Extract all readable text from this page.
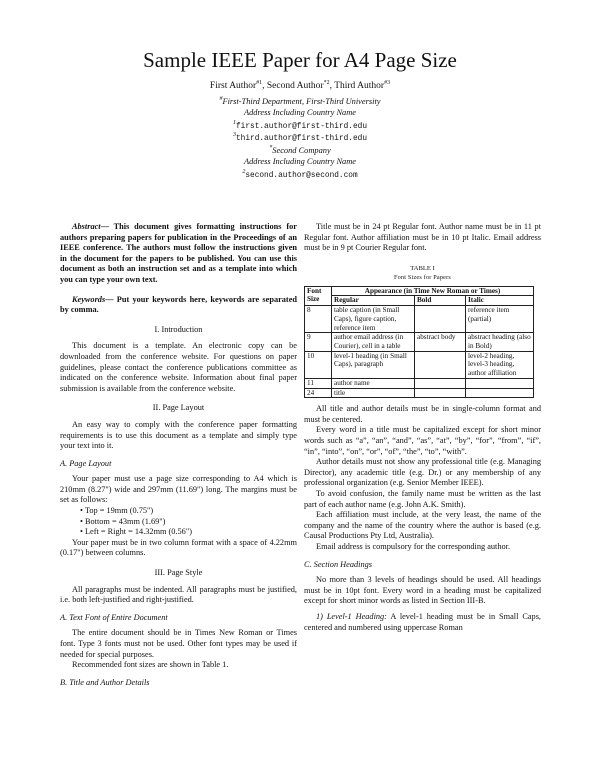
Sample IEEE Paper for A4 Page Size
First Author$^{\#1}$, Second Author$^{*2}$, Third Author$^{\#3}$
#First-Third Department, First-Third University
Address Including Country Name
$^1$first.author@first-third.edu
$^3$third.author@first-third.edu
*Second Company
Address Including Country Name
$^2$second.author@second.com

Abstract— This document gives formatting instructions for authors preparing papers for publication in the Proceedings of an IEEE conference. The authors must follow the instructions given in the document for the papers to be published. You can use this document as both an instruction set and as a template into which you can type your own text.

Keywords— Put your keywords here, keywords are separated by comma.

I. Introduction

This document is a template. An electronic copy can be downloaded from the conference website. For questions on paper guidelines, please contact the conference publications committee as indicated on the conference website. Information about final paper submission is available from the conference website.

II. Page Layout

An easy way to comply with the conference paper formatting requirements is to use this document as a template and simply type your text into it.

A. Page Layout

Your paper must use a page size corresponding to A4 which is 210mm (8.27") wide and 297mm (11.69") long. The margins must be set as follows:

• Top = 19mm (0.75")
• Bottom = 43mm (1.69")
• Left = Right = 14.32mm (0.56")

Your paper must be in two column format with a space of 4.22mm (0.17") between columns.

III. Page Style

All paragraphs must be indented. All paragraphs must be justified, i.e. both left-justified and right-justified.

A. Text Font of Entire Document

The entire document should be in Times New Roman or Times font. Type 3 fonts must not be used. Other font types may be used if needed for special purposes.

Recommended font sizes are shown in Table 1.

B. Title and Author Details

Title must be in 24 pt Regular font. Author name must be in 11 pt Regular font. Author affiliation must be in 10 pt Italic. Email address must be in 9 pt Courier Regular font.

TABLE I

Font Sizes for Papers

Font
Size	Appearance (in Time New Roman or Times)		
	Regular	Bold	Italic
8	table caption (in Small Caps), figure caption, reference item		reference item (partial)
9	author email address (in Courier), cell in a table	abstract body	abstract heading (also in Bold)
10	level-1 heading (in Small Caps), paragraph		level-2 heading, level-3 heading, author affiliation
11	author name		
24	title		

All title and author details must be in single-column format and must be centered.

Every word in a title must be capitalized except for short minor words such as “a”, “an”, “and”, “as”, “at”, “by”, “for”, “from”, “if”, “in”, “into”, “on”, “or”, “of”, “the”, “to”, “with”.

Author details must not show any professional title (e.g. Managing Director), any academic title (e.g. Dr.) or any membership of any professional organization (e.g. Senior Member IEEE).

To avoid confusion, the family name must be written as the last part of each author name (e.g. John A.K. Smith).

Each affiliation must include, at the very least, the name of the company and the name of the country where the author is based (e.g. Causal Productions Pty Ltd, Australia).

Email address is compulsory for the corresponding author.

C. Section Headings

No more than 3 levels of headings should be used. All headings must be in 10pt font. Every word in a heading must be capitalized except for short minor words as listed in Section III-B.

1) Level-1 Heading: A level-1 heading must be in Small Caps, centered and numbered using uppercase Roman
